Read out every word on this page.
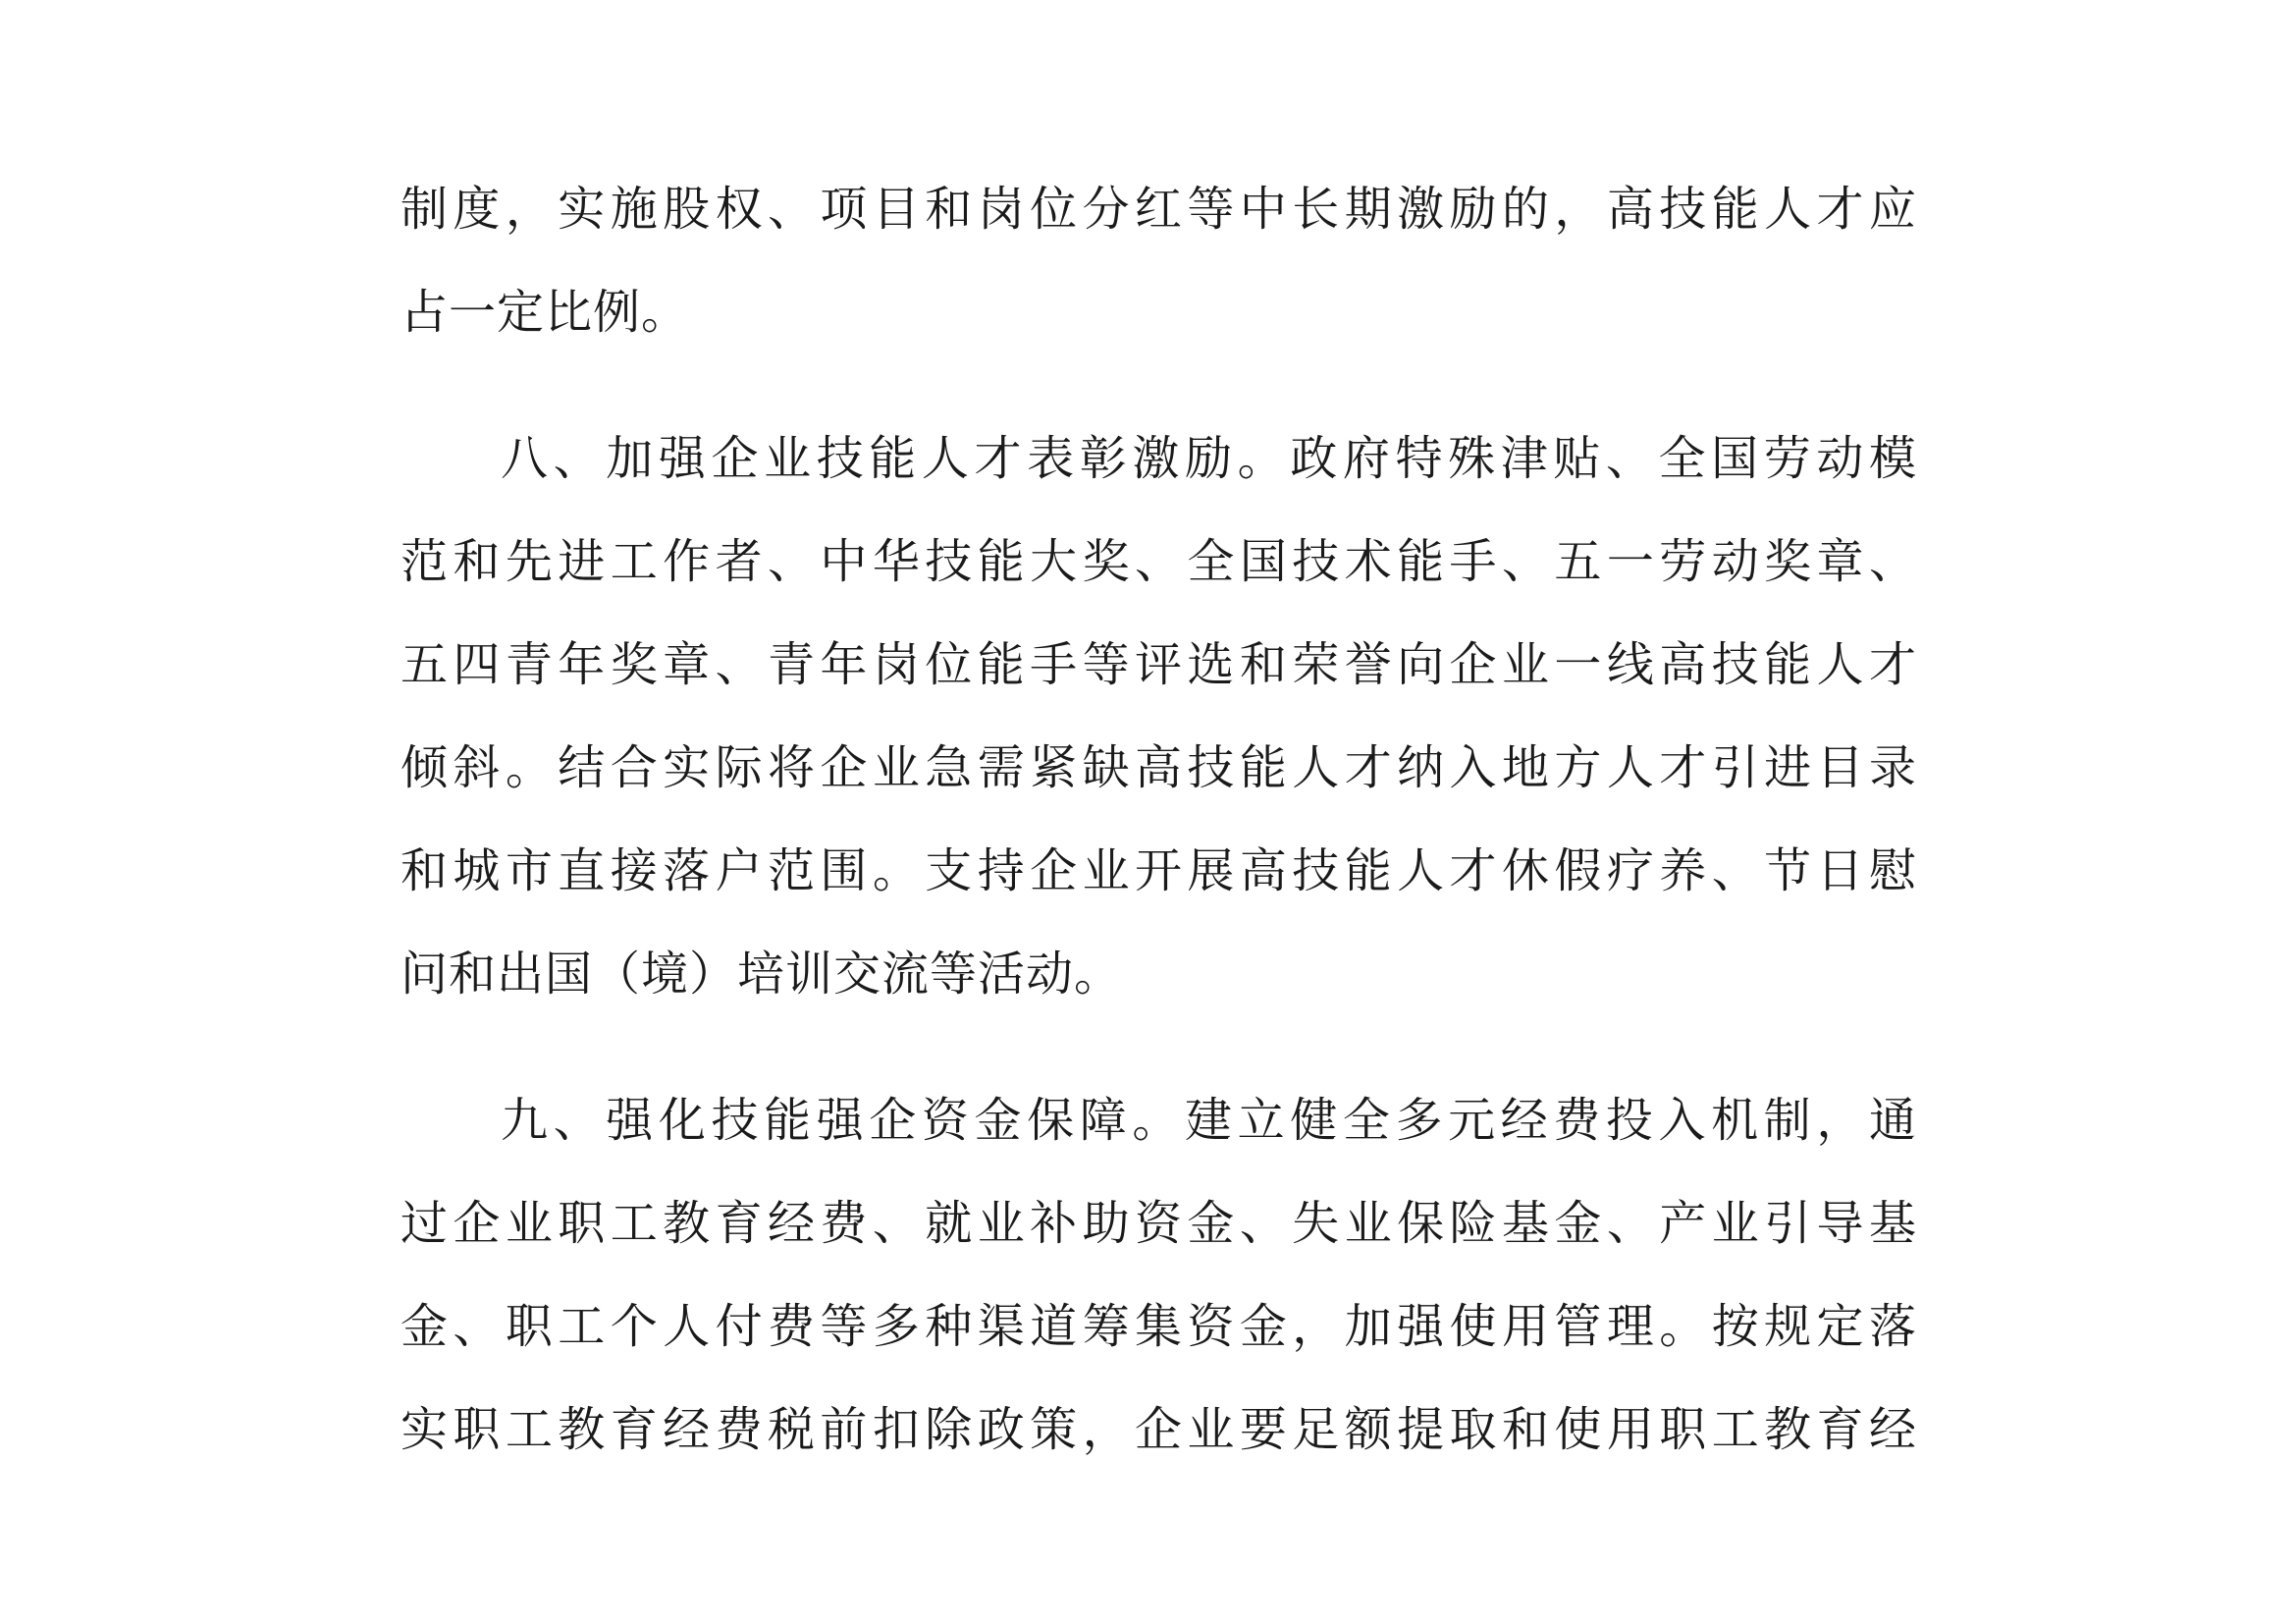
制度，实施股权、项目和岗位分红等中长期激励的，高技能人才应
占一定比例。
八、加强企业技能人才表彰激励。政府特殊津贴、全国劳动模
范和先进工作者、中华技能大奖、全国技术能手、五一劳动奖章、
五四青年奖章、青年岗位能手等评选和荣誉向企业一线高技能人才
倾斜。结合实际将企业急需紧缺高技能人才纳入地方人才引进目录
和城市直接落户范围。支持企业开展高技能人才休假疗养、节日慰
问和出国（境）培训交流等活动。
九、强化技能强企资金保障。建立健全多元经费投入机制，通
过企业职工教育经费、就业补助资金、失业保险基金、产业引导基
金、职工个人付费等多种渠道筹集资金，加强使用管理。按规定落
实职工教育经费税前扣除政策，企业要足额提取和使用职工教育经
